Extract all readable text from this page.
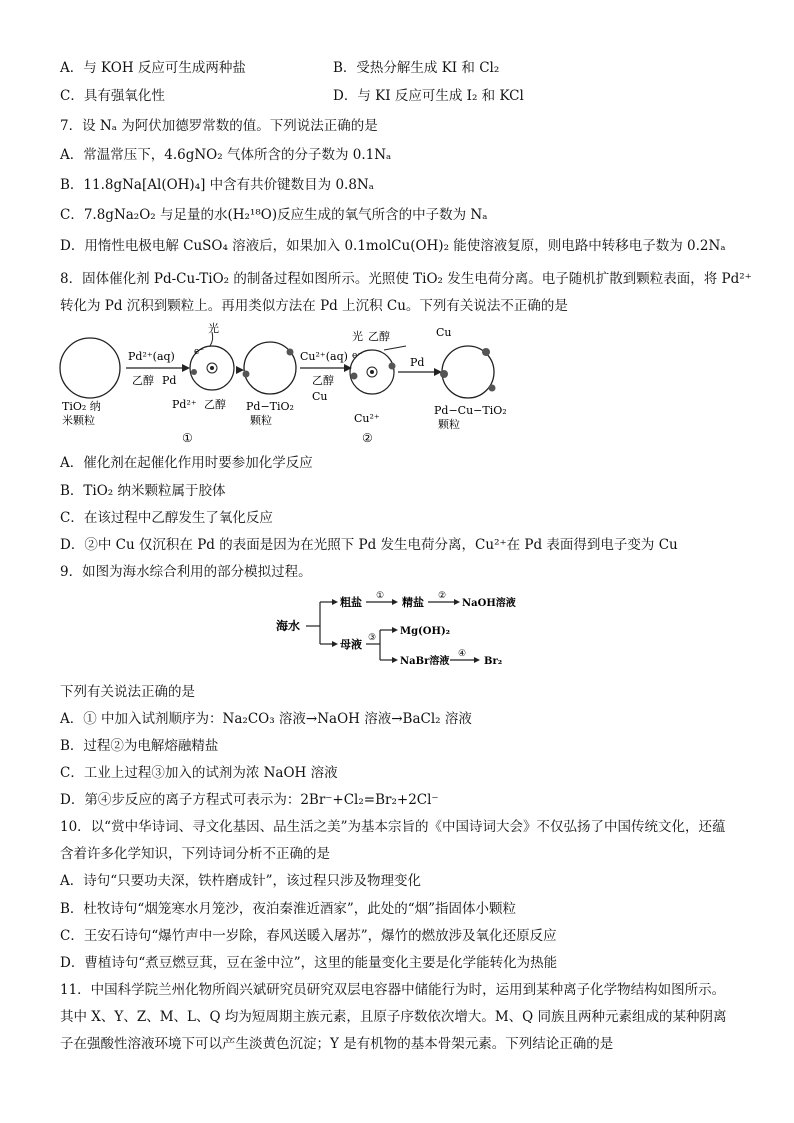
A．与 KOH 反应可生成两种盐	B．受热分解生成 KI 和 Cl₂
C．具有强氧化性	D．与 KI 反应可生成 I₂ 和 KCl
7．设 Nₐ 为阿伏加德罗常数的值。下列说法正确的是
A．常温常压下，4.6gNO₂ 气体所含的分子数为 0.1Nₐ
B．11.8gNa[Al(OH)₄] 中含有共价键数目为 0.8Nₐ
C．7.8gNa₂O₂ 与足量的水(H₂¹⁸O)反应生成的氧气所含的中子数为 Nₐ
D．用惰性电极电解 CuSO₄ 溶液后，如果加入 0.1molCu(OH)₂ 能使溶液复原，则电路中转移电子数为 0.2Nₐ
8．固体催化剂 Pd-Cu-TiO₂ 的制备过程如图所示。光照使 TiO₂ 发生电荷分离。电子随机扩散到颗粒表面，将 Pd²⁺
转化为 Pd 沉积到颗粒上。再用类似方法在 Pd 上沉积 Cu。下列有关说法不正确的是
TiO₂ 纳
米颗粒
Pd²⁺(aq)
乙醇 Pd
e⁻
光
Pd²⁺ 乙醇
①
Pd−TiO₂
颗粒
Cu²⁺(aq)
乙醇
Cu
e⁻
光 乙醇
Cu²⁺
②
Pd
Cu
Pd−Cu−TiO₂
颗粒
A．催化剂在起催化作用时要参加化学反应
B．TiO₂ 纳米颗粒属于胶体
C．在该过程中乙醇发生了氧化反应
D．②中 Cu 仅沉积在 Pd 的表面是因为在光照下 Pd 发生电荷分离，Cu²⁺在 Pd 表面得到电子变为 Cu
9．如图为海水综合利用的部分模拟过程。
海水
粗盐 ① 精盐 ②
NaOH溶液
母液 ③
Mg(OH)₂
NaBr溶液
④
Br₂
下列有关说法正确的是
A．① 中加入试剂顺序为：Na₂CO₃ 溶液→NaOH 溶液→BaCl₂ 溶液
B．过程②为电解熔融精盐
C．工业上过程③加入的试剂为浓 NaOH 溶液
D．第④步反应的离子方程式可表示为：2Br⁻+Cl₂=Br₂+2Cl⁻
10．以“赏中华诗词、寻文化基因、品生活之美”为基本宗旨的《中国诗词大会》不仅弘扬了中国传统文化，还蕴
含着许多化学知识，下列诗词分析不正确的是
A．诗句“只要功夫深，铁杵磨成针”，该过程只涉及物理变化
B．杜牧诗句“烟笼寒水月笼沙，夜泊秦淮近酒家”，此处的“烟”指固体小颗粒
C．王安石诗句“爆竹声中一岁除，春风送暖入屠苏”，爆竹的燃放涉及氧化还原反应
D．曹植诗句“煮豆燃豆萁，豆在釜中泣”，这里的能量变化主要是化学能转化为热能
11．中国科学院兰州化物所阎兴斌研究员研究双层电容器中储能行为时，运用到某种离子化学物结构如图所示。
其中 X、Y、Z、M、L、Q 均为短周期主族元素，且原子序数依次增大。M、Q 同族且两种元素组成的某种阴离
子在强酸性溶液环境下可以产生淡黄色沉淀；Y 是有机物的基本骨架元素。下列结论正确的是
